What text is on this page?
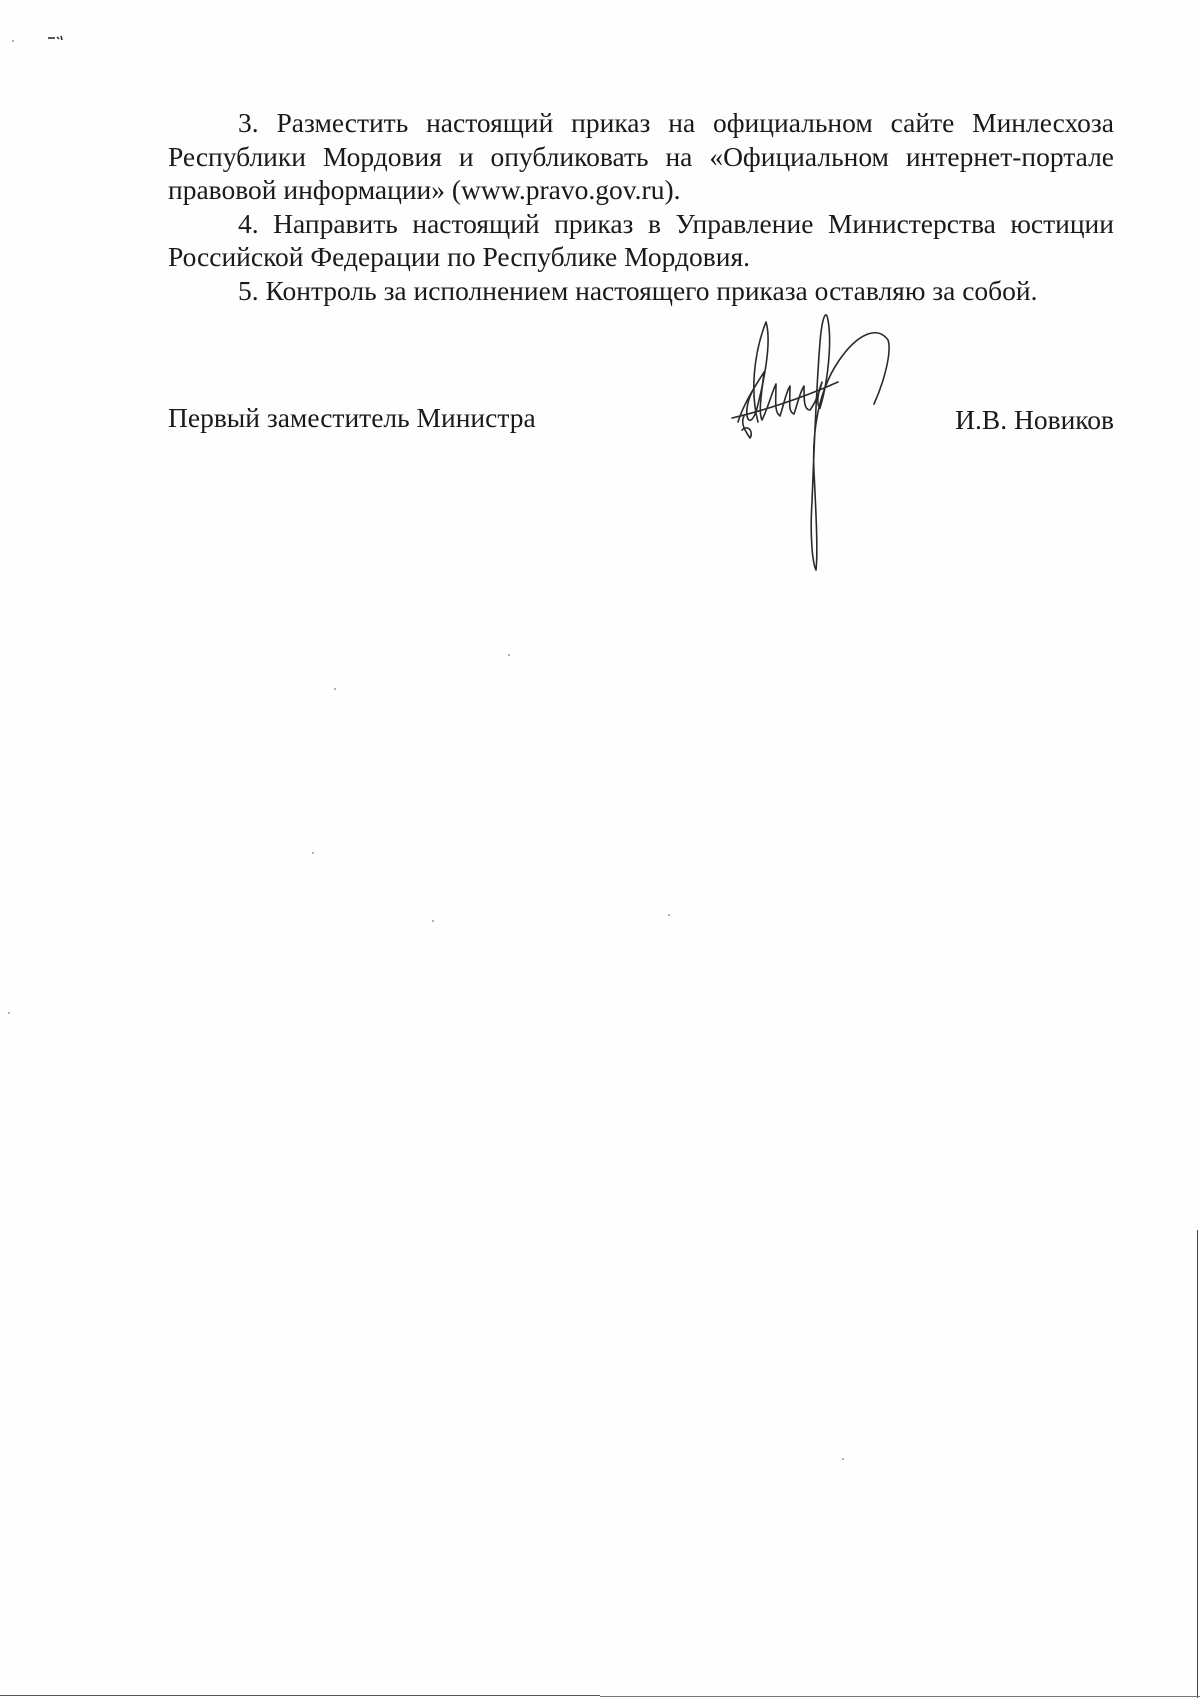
3. Разместить настоящий приказ на официальном сайте Минлесхоза Республики Мордовия и опубликовать на «Официальном интернет-портале правовой информации» (www.pravo.gov.ru).

4. Направить настоящий приказ в Управление Министерства юстиции Российской Федерации по Республике Мордовия.

5. Контроль за исполнением настоящего приказа оставляю за собой.

Первый заместитель Министра	И.В. Новиков
